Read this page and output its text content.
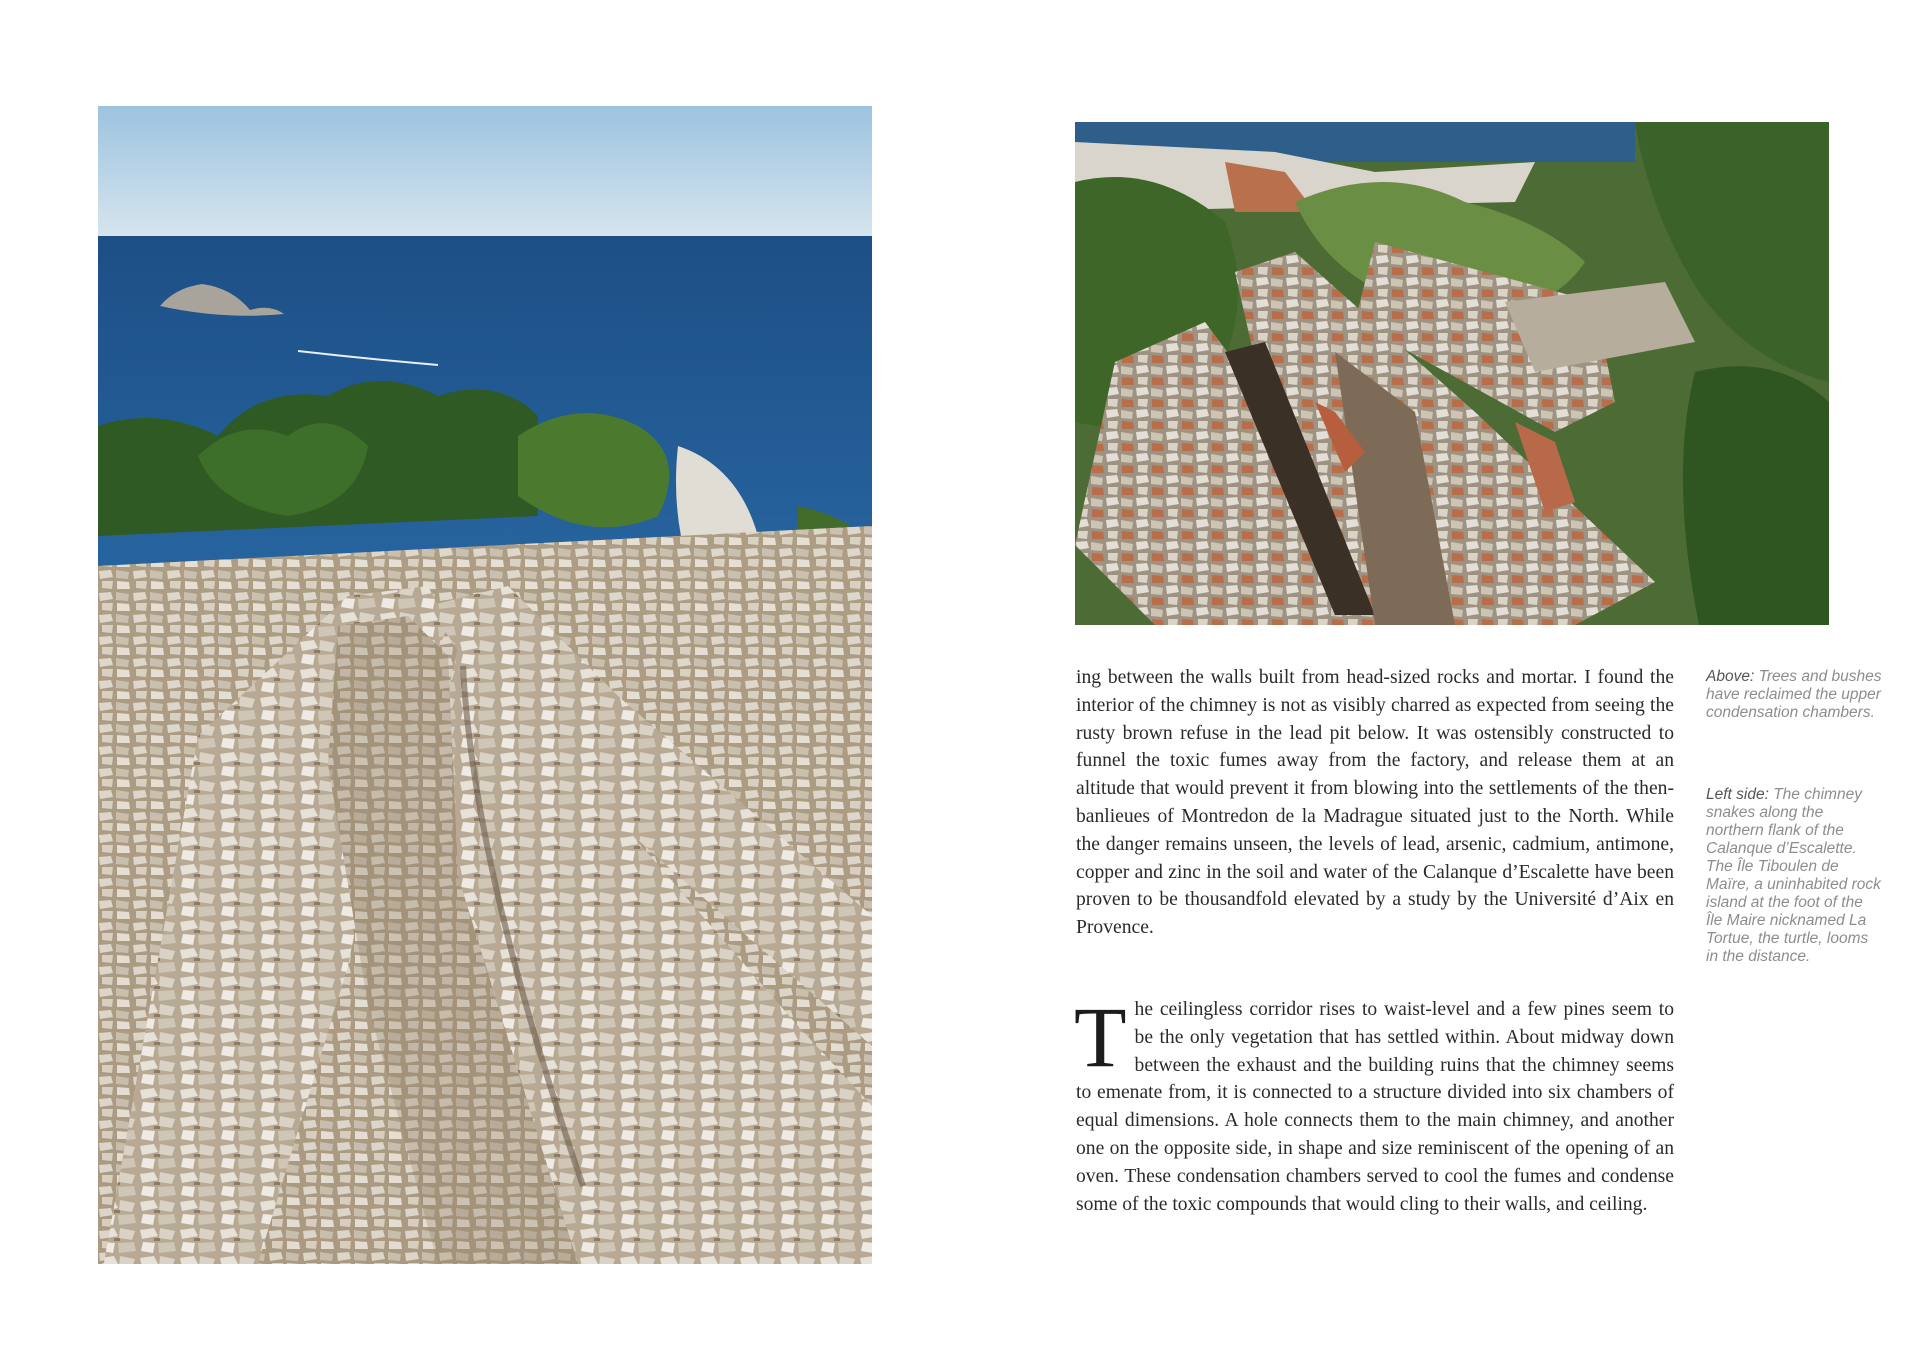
ing between the walls built from head-sized rocks and mortar. I found the interior of the chimney is not as visibly charred as expected from seeing the rusty brown refuse in the lead pit below. It was ostensibly constructed to funnel the toxic fumes away from the factory, and release them at an altitude that would prevent it from blowing into the settlements of the then-banlieues of Montredon de la Madrague situated just to the North. While the danger remains unseen, the levels of lead, arsenic, cadmium, antimone, copper and zinc in the soil and water of the Calanque d’Escalette have been proven to be thousandfold elevated by a study by the Université d’Aix en Provence.

The ceilingless corridor rises to waist-level and a few pines seem to be the only vegetation that has settled within. About midway down between the exhaust and the building ruins that the chimney seems to emenate from, it is connected to a structure divided into six chambers of equal dimensions. A hole connects them to the main chimney, and another one on the opposite side, in shape and size reminiscent of the opening of an oven. These condensation chambers served to cool the fumes and condense some of the toxic compounds that would cling to their walls, and ceiling.

Above: Trees and bushes have reclaimed the upper condensation chambers.

Left side: The chimney snakes along the northern flank of the Calanque d’Escalette. The Île Tiboulen de Maïre, a uninhabited rock island at the foot of the Île Maire nicknamed La Tortue, the turtle, looms in the distance.
